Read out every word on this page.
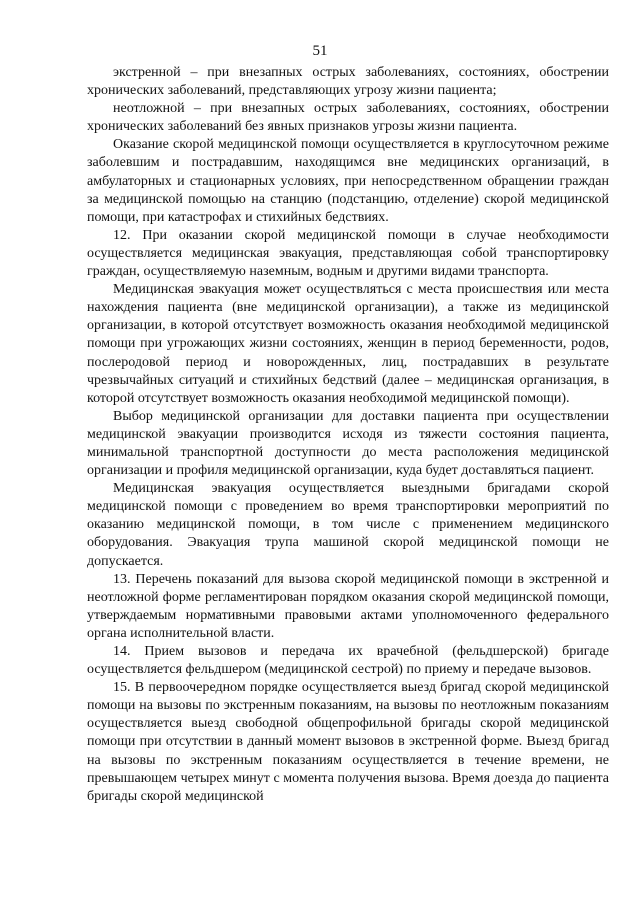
51

экстренной – при внезапных острых заболеваниях, состояниях, обострении хронических заболеваний, представляющих угрозу жизни пациента;

неотложной – при внезапных острых заболеваниях, состояниях, обострении хронических заболеваний без явных признаков угрозы жизни пациента.

Оказание скорой медицинской помощи осуществляется в круглосуточном режиме заболевшим и пострадавшим, находящимся вне медицинских организаций, в амбулаторных и стационарных условиях, при непосредственном обращении граждан за медицинской помощью на станцию (подстанцию, отделение) скорой медицинской помощи, при катастрофах и стихийных бедствиях.

12. При оказании скорой медицинской помощи в случае необходимости осуществляется медицинская эвакуация, представляющая собой транспортировку граждан, осуществляемую наземным, водным и другими видами транспорта.

Медицинская эвакуация может осуществляться с места происшествия или места нахождения пациента (вне медицинской организации), а также из медицинской организации, в которой отсутствует возможность оказания необходимой медицинской помощи при угрожающих жизни состояниях, женщин в период беременности, родов, послеродовой период и новорожденных, лиц, пострадавших в результате чрезвычайных ситуаций и стихийных бедствий (далее – медицинская организация, в которой отсутствует возможность оказания необходимой медицинской помощи).

Выбор медицинской организации для доставки пациента при осуществлении медицинской эвакуации производится исходя из тяжести состояния пациента, минимальной транспортной доступности до места расположения медицинской организации и профиля медицинской организации, куда будет доставляться пациент.

Медицинская эвакуация осуществляется выездными бригадами скорой медицинской помощи с проведением во время транспортировки мероприятий по оказанию медицинской помощи, в том числе с применением медицинского оборудования. Эвакуация трупа машиной скорой медицинской помощи не допускается.

13. Перечень показаний для вызова скорой медицинской помощи в экстренной и неотложной форме регламентирован порядком оказания скорой медицинской помощи, утверждаемым нормативными правовыми актами уполномоченного федерального органа исполнительной власти.

14. Прием вызовов и передача их врачебной (фельдшерской) бригаде осуществляется фельдшером (медицинской сестрой) по приему и передаче вызовов.

15. В первоочередном порядке осуществляется выезд бригад скорой медицинской помощи на вызовы по экстренным показаниям, на вызовы по неотложным показаниям осуществляется выезд свободной общепрофильной бригады скорой медицинской помощи при отсутствии в данный момент вызовов в экстренной форме. Выезд бригад на вызовы по экстренным показаниям осуществляется в течение времени, не превышающем четырех минут с момента получения вызова. Время доезда до пациента бригады скорой медицинской
